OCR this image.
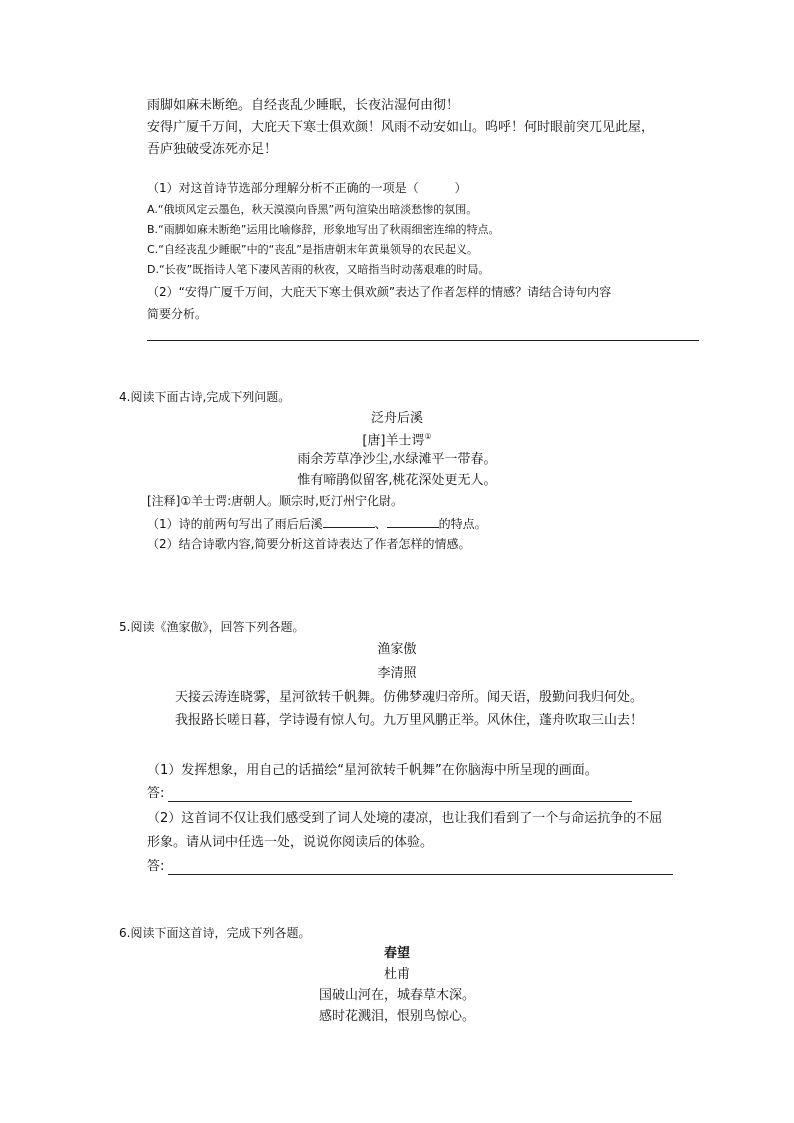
雨脚如麻未断绝。自经丧乱少睡眠，长夜沾湿何由彻！
安得广厦千万间，大庇天下寒士俱欢颜！风雨不动安如山。呜呼！何时眼前突兀见此屋，
吾庐独破受冻死亦足！
（1）对这首诗节选部分理解分析不正确的一项是（　　　）
A.“俄顷风定云墨色，秋天漠漠向昏黑”两句渲染出暗淡愁惨的氛围。
B.“雨脚如麻未断绝”运用比喻修辞，形象地写出了秋雨细密连绵的特点。
C.“自经丧乱少睡眠”中的“丧乱”是指唐朝末年黄巢领导的农民起义。
D.“长夜”既指诗人笔下凄风苦雨的秋夜，又暗指当时动荡艰难的时局。
（2）“安得广厦千万间，大庇天下寒士俱欢颜”表达了作者怎样的情感？请结合诗句内容
简要分析。
4.阅读下面古诗,完成下列问题。
泛舟后溪
[唐]羊士谔①
雨余芳草净沙尘,水绿滩平一带春。
惟有啼鹃似留客,桃花深处更无人。
[注释]①羊士谔:唐朝人。顺宗时,贬汀州宁化尉。
（1）诗的前两句写出了雨后后溪	、	的特点。
（2）结合诗歌内容,简要分析这首诗表达了作者怎样的情感。
5.阅读《渔家傲》，回答下列各题。
渔家傲
李清照
天接云涛连晓雾，星河欲转千帆舞。仿佛梦魂归帝所。闻天语，殷勤问我归何处。
我报路长嗟日暮，学诗谩有惊人句。九万里风鹏正举。风休住，蓬舟吹取三山去！
（1）发挥想象，用自己的话描绘“星河欲转千帆舞”在你脑海中所呈现的画面。
答:
（2）这首词不仅让我们感受到了词人处境的凄凉，也让我们看到了一个与命运抗争的不屈
形象。请从词中任选一处，说说你阅读后的体验。
答:
6.阅读下面这首诗，完成下列各题。
春望
杜甫
国破山河在，城春草木深。
感时花溅泪，恨别鸟惊心。
